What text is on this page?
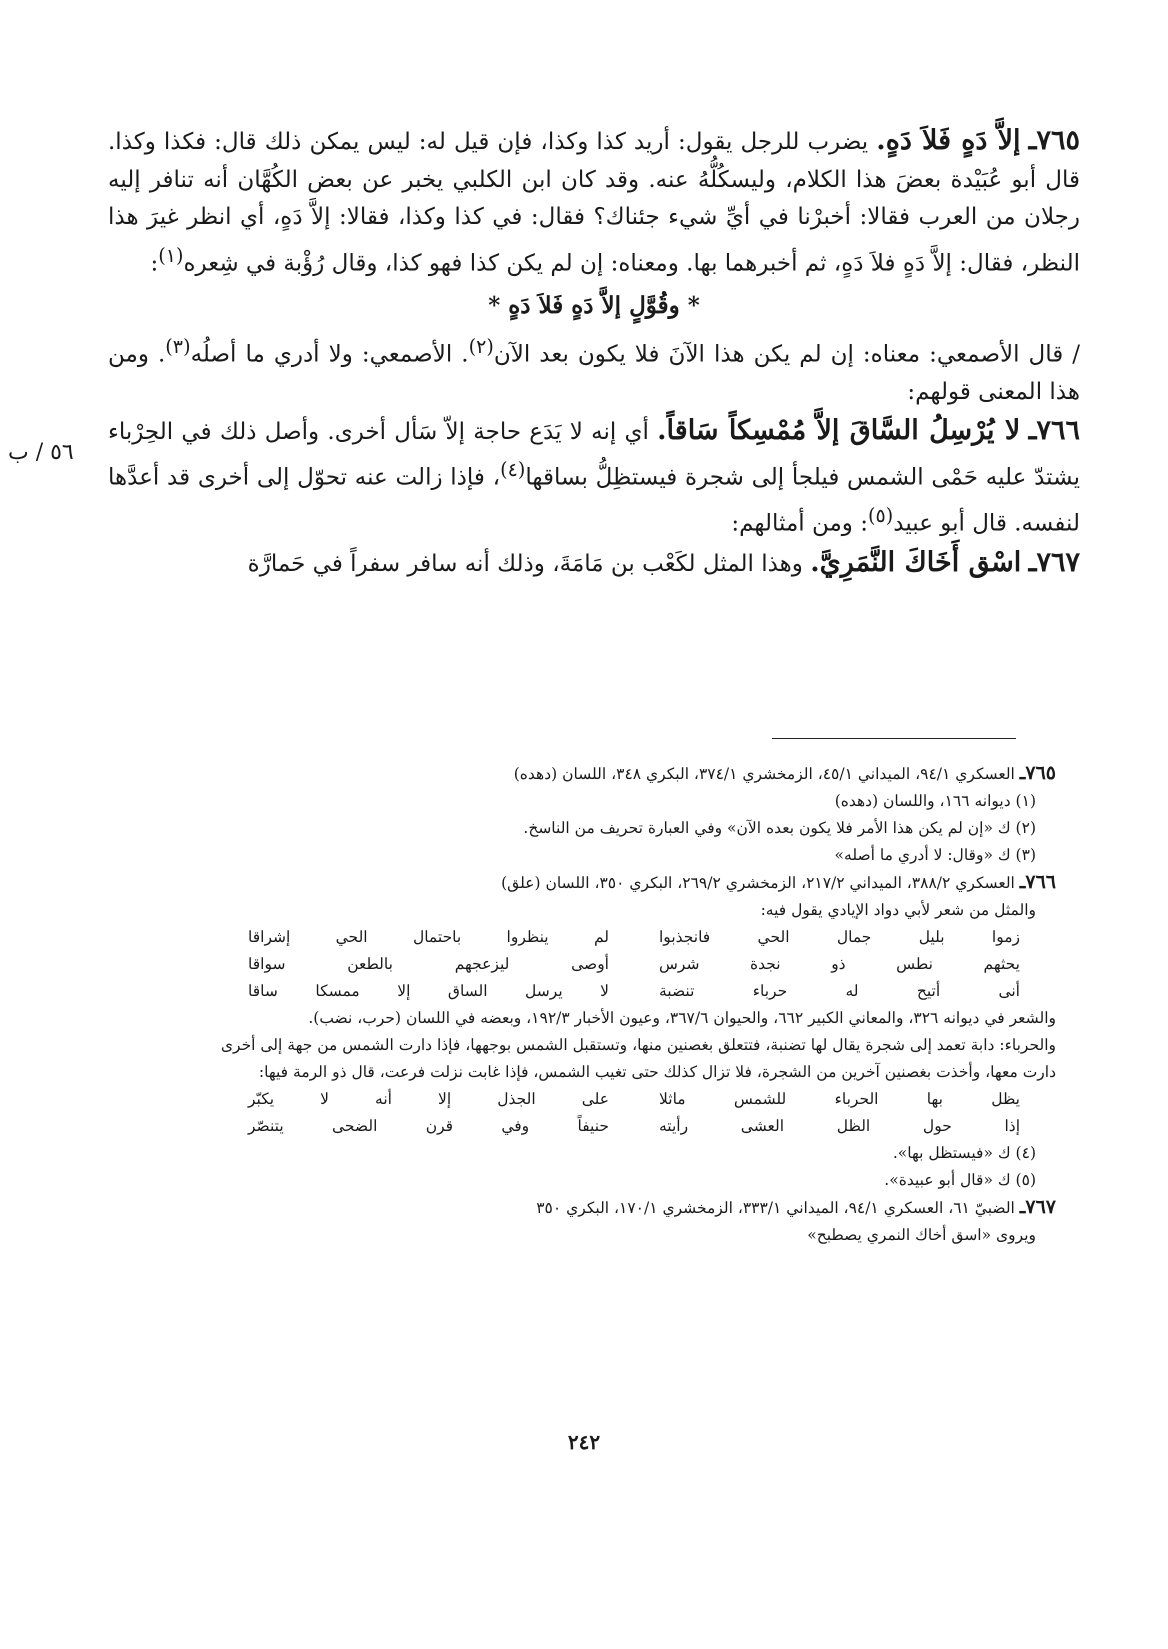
٥٦ / ب

٧٦٥ـ إلاَّ دَهٍ فَلاَ دَهٍ. يضرب للرجل يقول: أريد كذا وكذا، فإن قيل له: ليس يمكن ذلك قال: فكذا وكذا. قال أبو عُبَيْدة بعضَ هذا الكلام، وليسكُلُّهُ عنه. وقد كان ابن الكلبي يخبر عن بعض الكُهَّان أنه تنافر إليه رجلان من العرب فقالا: أخبرْنا في أيِّ شيء جئناك؟ فقال: في كذا وكذا، فقالا: إلاَّ دَهٍ، أي انظر غيرَ هذا النظر، فقال: إلاَّ دَهٍ فلاَ دَهٍ، ثم أخبرهما بها. ومعناه: إن لم يكن كذا فهو كذا، وقال رُؤْبة في شِعره$^{(١)}$:

* وقُوَّلٍ إلاَّ دَهٍ فَلاَ دَهٍ *

/ قال الأصمعي: معناه: إن لم يكن هذا الآنَ فلا يكون بعد الآن$^{(٢)}$. الأصمعي: ولا أدري ما أصلُه$^{(٣)}$. ومن هذا المعنى قولهم:

٧٦٦ـ لا يُرْسِلُ السَّاقَ إلاَّ مُمْسِكاً سَاقاً. أي إنه لا يَدَع حاجة إلاّ سَأل أخرى. وأصل ذلك في الحِرْباء يشتدّ عليه حَمْى الشمس فيلجأ إلى شجرة فيستظِلُّ بساقها$^{(٤)}$، فإذا زالت عنه تحوّل إلى أخرى قد أعدَّها لنفسه. قال أبو عبيد$^{(٥)}$: ومن أمثالهم:

٧٦٧ـ اسْق أَخَاكَ النَّمَرِيَّ. وهذا المثل لكَعْب بن مَامَةَ، وذلك أنه سافر سفراً في حَمارَّة

٧٦٥ـ العسكري ٩٤/١، الميداني ٤٥/١، الزمخشري ٣٧٤/١، البكري ٣٤٨، اللسان (دهده)

(١) ديوانه ١٦٦، واللسان (دهده)

(٢) ك «إن لم يكن هذا الأمر فلا يكون بعده الآن» وفي العبارة تحريف من الناسخ.

(٣) ك «وقال: لا أدري ما أصله»

٧٦٦ـ العسكري ٣٨٨/٢، الميداني ٢١٧/٢، الزمخشري ٢٦٩/٢، البكري ٣٥٠، اللسان (علق)

والمثل من شعر لأبي دواد الإيادي يقول فيه:

زموا بليل جمال الحي فانجذبوا
لم ينظروا باحتمال الحي إشراقا
يحثهم نطس ذو نجدة شرس
أوصى ليزعجهم بالطعن سواقا
أنى أتيح له حرباء تنضبة
لا يرسل الساق إلا ممسكا ساقا

والشعر في ديوانه ٣٢٦، والمعاني الكبير ٦٦٢، والحيوان ٣٦٧/٦، وعيون الأخبار ١٩٢/٣، وبعضه في اللسان (حرب، نضب).

والحرباء: دابة تعمد إلى شجرة يقال لها تضنبة، فتتعلق بغصنين منها، وتستقبل الشمس بوجهها، فإذا دارت الشمس من جهة إلى أخرى دارت معها، وأخذت بغصنين آخرين من الشجرة، فلا تزال كذلك حتى تغيب الشمس، فإذا غابت نزلت فرعت، قال ذو الرمة فيها:

يظل بها الحرباء للشمس ماثلا
على الجذل إلا أنه لا يكبّر
إذا حول الظل العشى رأيته
حنيفاً وفي قرن الضحى يتنصّر

(٤) ك «فيستظل بها».

(٥) ك «قال أبو عبيدة».

٧٦٧ـ الضبيّ ٦١، العسكري ٩٤/١، الميداني ٣٣٣/١، الزمخشري ١٧٠/١، البكري ٣٥٠

ويروى «اسق أخاك النمري يصطبح»

٢٤٢
